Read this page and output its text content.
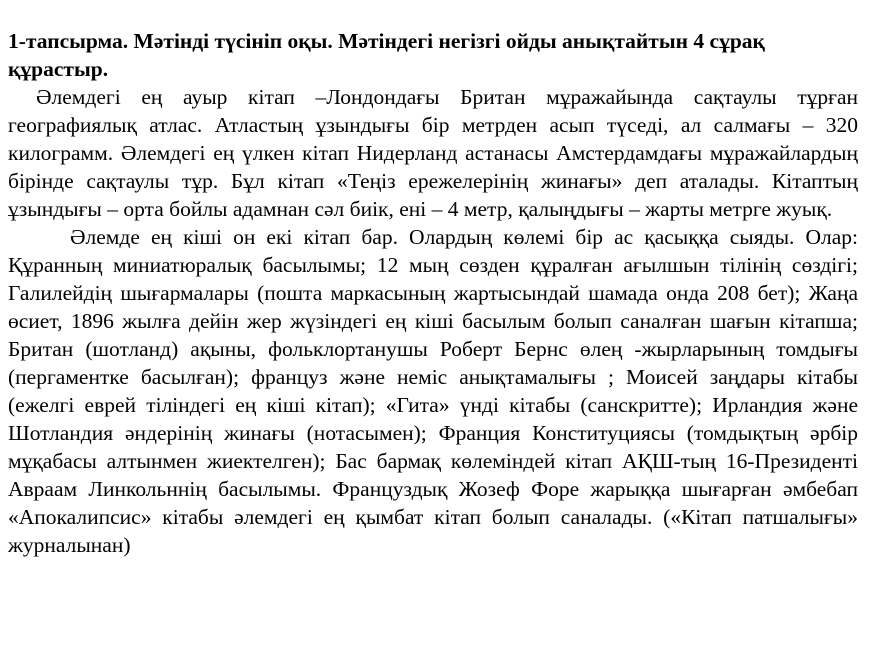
1-тапсырма. Мәтінді түсініп оқы. Мәтіндегі негізгі ойды анықтайтын 4 сұрақ құрастыр.

Әлемдегі ең ауыр кітап –Лондондағы Британ мұражайында сақтаулы тұрған географиялық атлас. Атластың ұзындығы бір метрден асып түседі, ал салмағы – 320 килограмм. Әлемдегі ең үлкен кітап Нидерланд астанасы Амстердамдағы мұражайлардың бірінде сақтаулы тұр. Бұл кітап «Теңіз ережелерінің жинағы» деп аталады. Кітаптың ұзындығы – орта бойлы адамнан сәл биік, ені – 4 метр, қалыңдығы – жарты метрге жуық.

Әлемде ең кіші он екі кітап бар. Олардың көлемі бір ас қасыққа сыяды. Олар: Құранның миниатюралық басылымы; 12 мың сөзден құралған ағылшын тілінің сөздігі; Галилейдің шығармалары (пошта маркасының жартысындай шамада онда 208 бет); Жаңа өсиет, 1896 жылға дейін жер жүзіндегі ең кіші басылым болып саналған шағын кітапша; Британ (шотланд) ақыны, фольклортанушы Роберт Бернс өлең -жырларының томдығы (пергаментке басылған); француз және неміс анықтамалығы ; Моисей заңдары кітабы (ежелгі еврей тіліндегі ең кіші кітап); «Гита» үнді кітабы (санскритте); Ирландия және Шотландия әндерінің жинағы (нотасымен); Франция Конституциясы (томдықтың әрбір мұқабасы алтынмен жиектелген); Бас бармақ көлеміндей кітап АҚШ-тың 16-Президенті Авраам Линкольннің басылымы. Француздық Жозеф Форе жарыққа шығарған әмбебап «Апокалипсис» кітабы әлемдегі ең қымбат кітап болып саналады. («Кітап патшалығы» журналынан)
